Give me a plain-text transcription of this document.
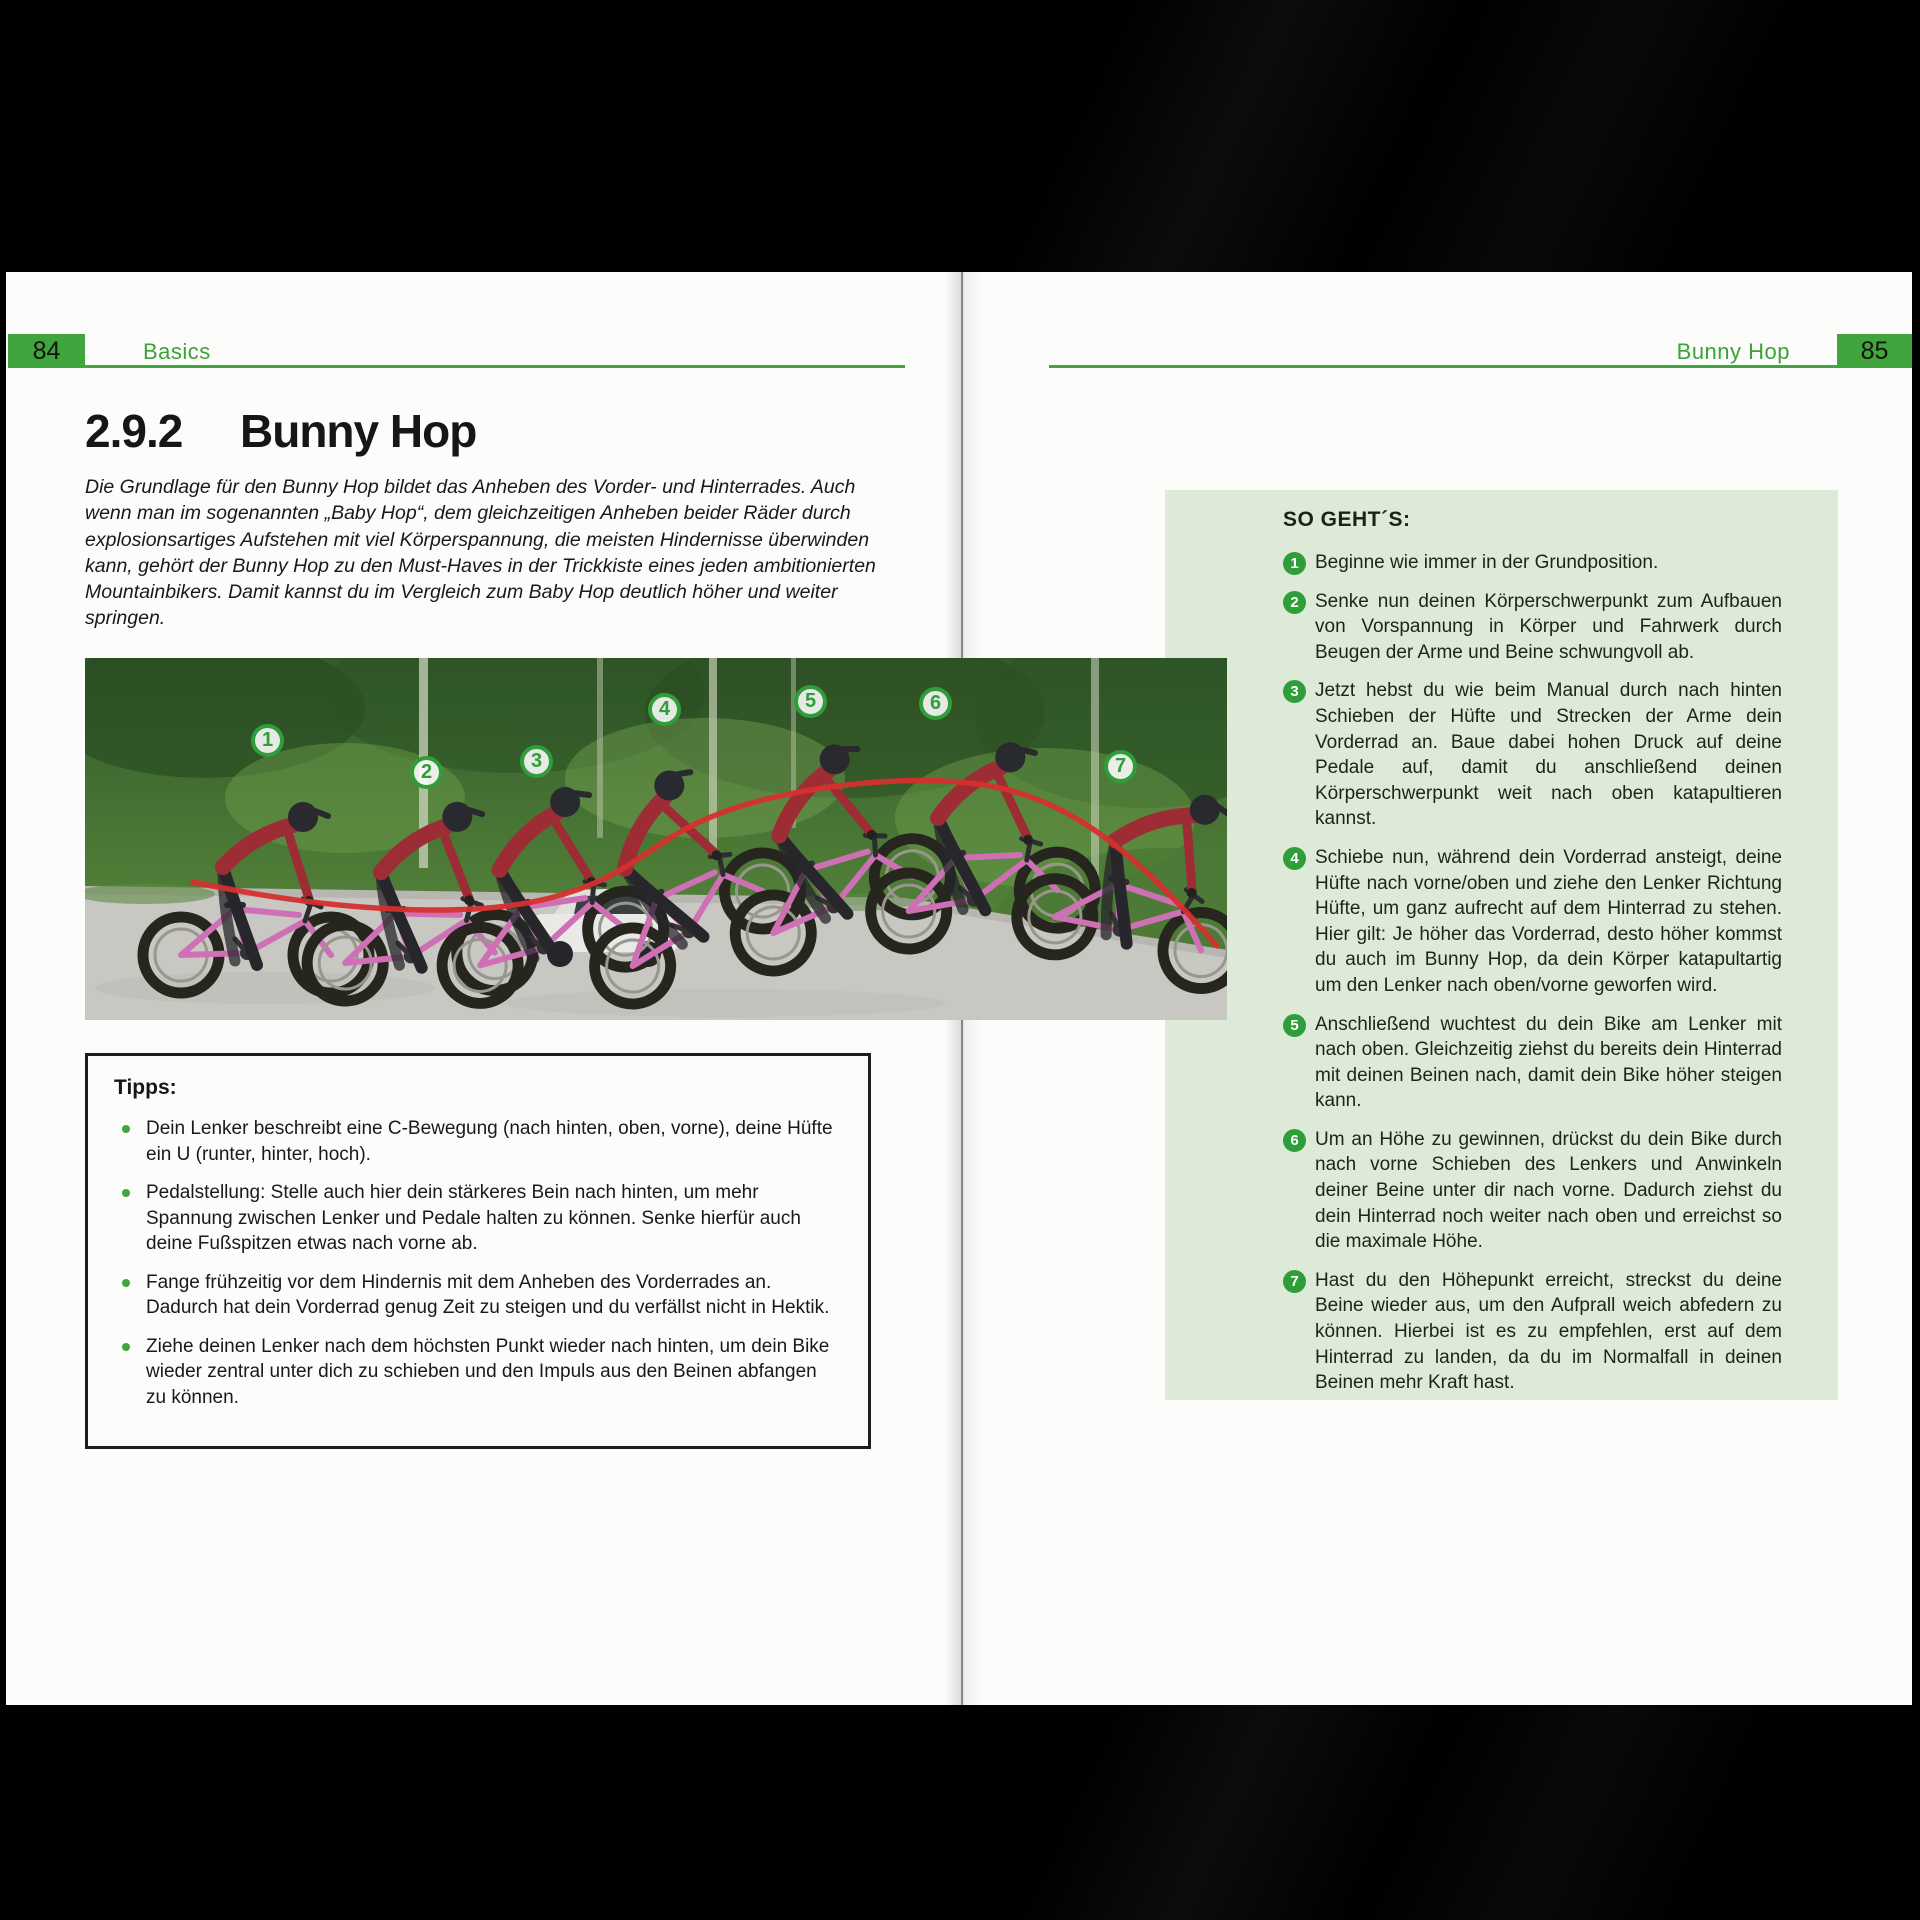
84	Basics	Bunny Hop	85
2.9.2	Bunny Hop
Die Grundlage für den Bunny Hop bildet das Anheben des Vorder- und Hinterrades. Auch wenn man im sogenannten „Baby Hop“, dem gleichzeitigen Anheben beider Räder durch explosionsartiges Aufstehen mit viel Körperspannung, die meisten Hindernisse überwinden kann, gehört der Bunny Hop zu den Must-Haves in der Trickkiste eines jeden ambitionierten Mountainbikers. Damit kannst du im Vergleich zum Baby Hop deutlich höher und weiter springen.
SO GEHT´S:
1 Beginne wie immer in der Grundposition.
2 Senke nun deinen Körperschwerpunkt zum Aufbauen von Vorspannung in Körper und Fahrwerk durch Beugen der Arme und Beine schwungvoll ab.
3 Jetzt hebst du wie beim Manual durch nach hinten Schieben der Hüfte und Strecken der Arme dein Vorderrad an. Baue dabei hohen Druck auf deine Pedale auf, damit du anschließend deinen Körperschwerpunkt weit nach oben katapultieren kannst.
4 Schiebe nun, während dein Vorderrad ansteigt, deine Hüfte nach vorne/oben und ziehe den Lenker Richtung Hüfte, um ganz aufrecht auf dem Hinterrad zu stehen. Hier gilt: Je höher das Vorderrad, desto höher kommst du auch im Bunny Hop, da dein Körper katapultartig um den Lenker nach oben/vorne geworfen wird.
5 Anschließend wuchtest du dein Bike am Lenker mit nach oben. Gleichzeitig ziehst du bereits dein Hinterrad mit deinen Beinen nach, damit dein Bike höher steigen kann.
6 Um an Höhe zu gewinnen, drückst du dein Bike durch nach vorne Schieben des Lenkers und Anwinkeln deiner Beine unter dir nach vorne. Dadurch ziehst du dein Hinterrad noch weiter nach oben und erreichst so die maximale Höhe.
7 Hast du den Höhepunkt erreicht, streckst du deine Beine wieder aus, um den Aufprall weich abfedern zu können. Hierbei ist es zu empfehlen, erst auf dem Hinterrad zu landen, da du im Normalfall in deinen Beinen mehr Kraft hast.
1
2	3
4	5	6
7
Tipps:
Dein Lenker beschreibt eine C-Bewegung (nach hinten, oben, vorne), deine Hüfte ein U (runter, hinter, hoch).
Pedalstellung: Stelle auch hier dein stärkeres Bein nach hinten, um mehr Spannung zwischen Lenker und Pedale halten zu können. Senke hierfür auch deine Fußspitzen etwas nach vorne ab.
Fange frühzeitig vor dem Hindernis mit dem Anheben des Vorderrades an. Dadurch hat dein Vorderrad genug Zeit zu steigen und du verfällst nicht in Hektik.
Ziehe deinen Lenker nach dem höchsten Punkt wieder nach hinten, um dein Bike wieder zentral unter dich zu schieben und den Impuls aus den Beinen abfangen zu können.
